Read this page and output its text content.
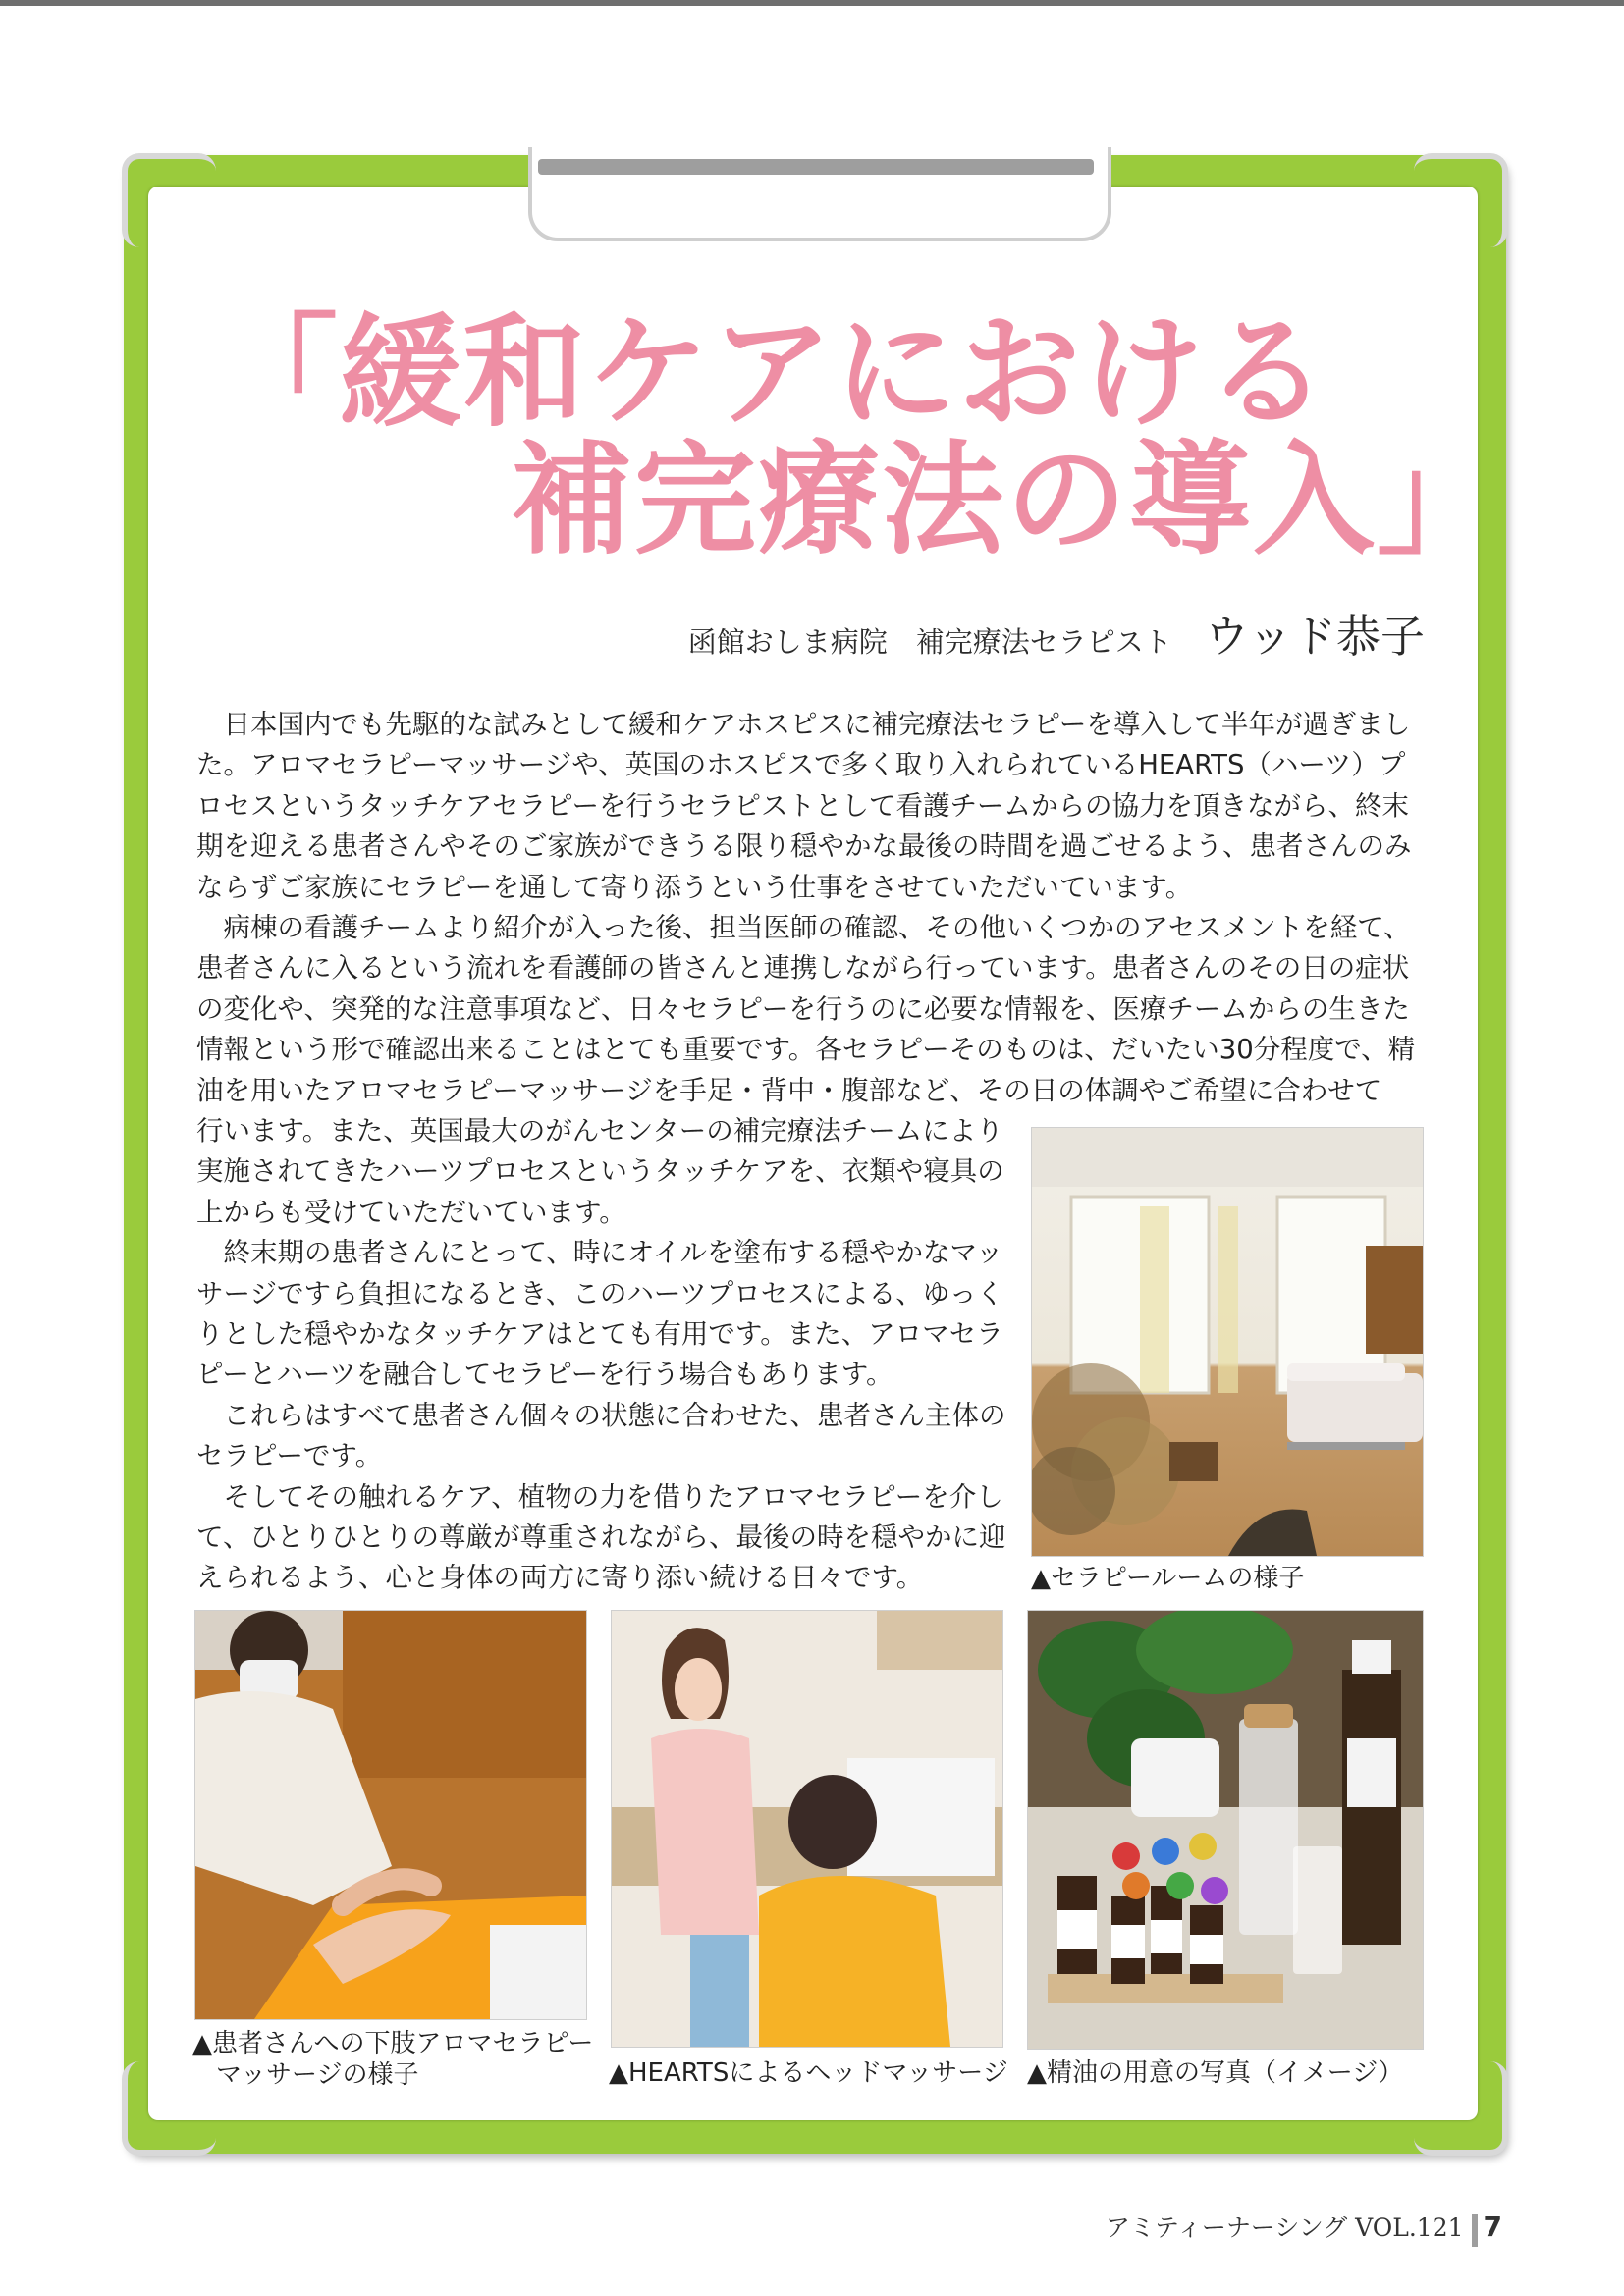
「緩和ケアにおける
補完療法の導入」
函館おしま病院　補完療法セラピスト ウッド恭子

日本国内でも先駆的な試みとして緩和ケアホスピスに補完療法セラピーを導入して半年が過ぎました。アロマセラピーマッサージや、英国のホスピスで多く取り入れられているHEARTS（ハーツ）プロセスというタッチケアセラピーを行うセラピストとして看護チームからの協力を頂きながら、終末期を迎える患者さんやそのご家族ができうる限り穏やかな最後の時間を過ごせるよう、患者さんのみならずご家族にセラピーを通して寄り添うという仕事をさせていただいています。

病棟の看護チームより紹介が入った後、担当医師の確認、その他いくつかのアセスメントを経て、患者さんに入るという流れを看護師の皆さんと連携しながら行っています。患者さんのその日の症状の変化や、突発的な注意事項など、日々セラピーを行うのに必要な情報を、医療チームからの生きた情報という形で確認出来ることはとても重要です。各セラピーそのものは、だいたい30分程度で、精油を用いたアロマセラピーマッサージを手足・背中・腹部など、その日の体調やご希望に合わせて

行います。また、英国最大のがんセンターの補完療法チームにより実施されてきたハーツプロセスというタッチケアを、衣類や寝具の上からも受けていただいています。

終末期の患者さんにとって、時にオイルを塗布する穏やかなマッサージですら負担になるとき、このハーツプロセスによる、ゆっくりとした穏やかなタッチケアはとても有用です。また、アロマセラピーとハーツを融合してセラピーを行う場合もあります。

これらはすべて患者さん個々の状態に合わせた、患者さん主体のセラピーです。

そしてその触れるケア、植物の力を借りたアロマセラピーを介して、ひとりひとりの尊厳が尊重されながら、最後の時を穏やかに迎えられるよう、心と身体の両方に寄り添い続ける日々です。	▲セラピールームの様子
▲患者さんへの下肢アロマセラピー
マッサージの様子	▲HEARTSによるヘッドマッサージ ▲精油の用意の写真（イメージ）
アミティーナーシング VOL.121 7
